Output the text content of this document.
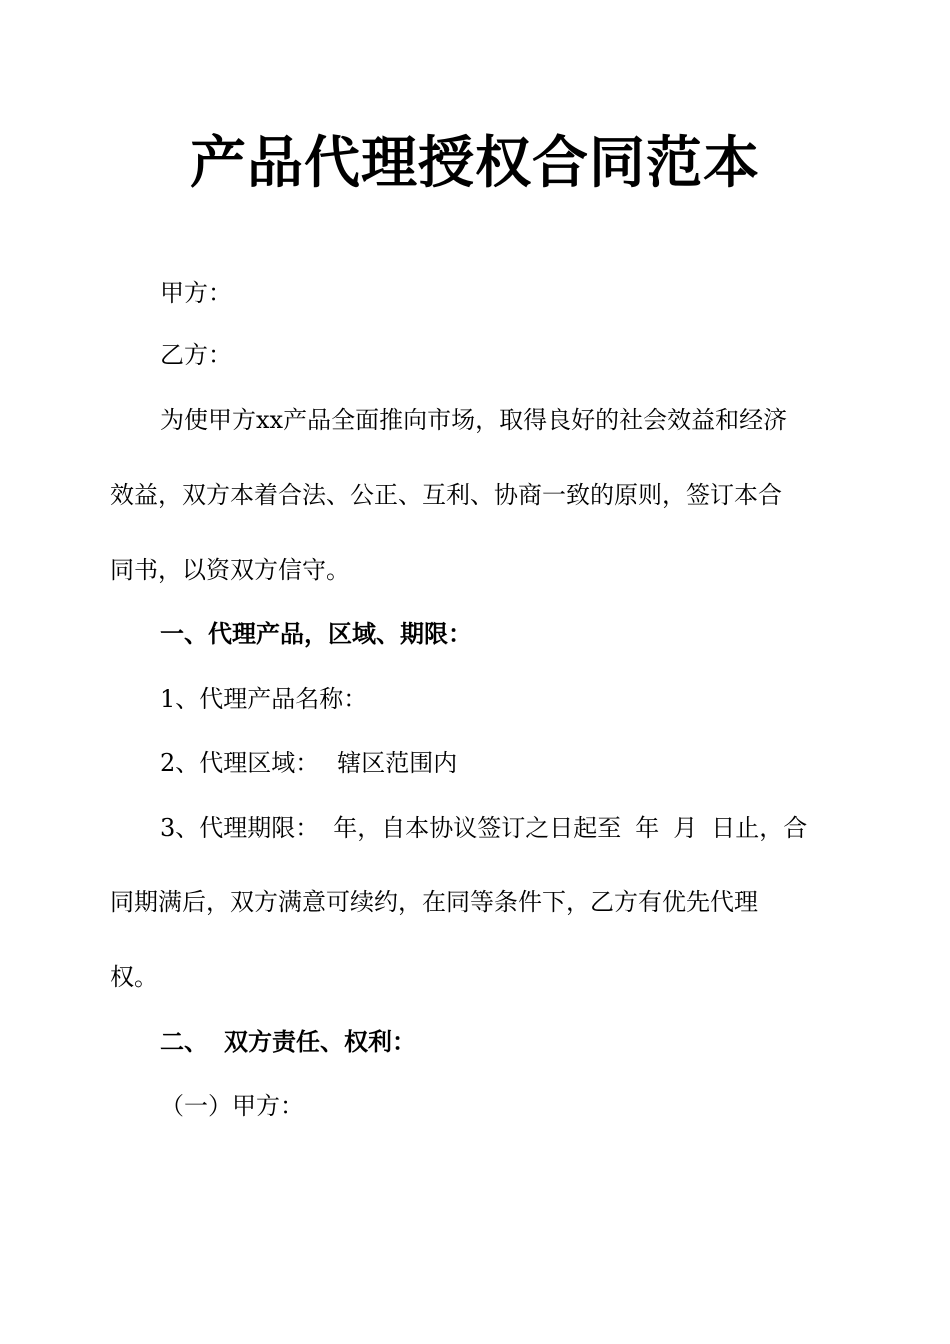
产品代理授权合同范本

甲方：

乙方：

为使甲方xx产品全面推向市场，取得良好的社会效益和经济

效益，双方本着合法、公正、互利、协商一致的原则，签订本合

同书，以资双方信守。

一、代理产品，区域、期限：

1、代理产品名称：

2、代理区域： 辖区范围内

3、代理期限： 年，自本协议签订之日起至 年 月 日止，合

同期满后，双方满意可续约，在同等条件下，乙方有优先代理

权。

二、 双方责任、权利：

（一）甲方：
